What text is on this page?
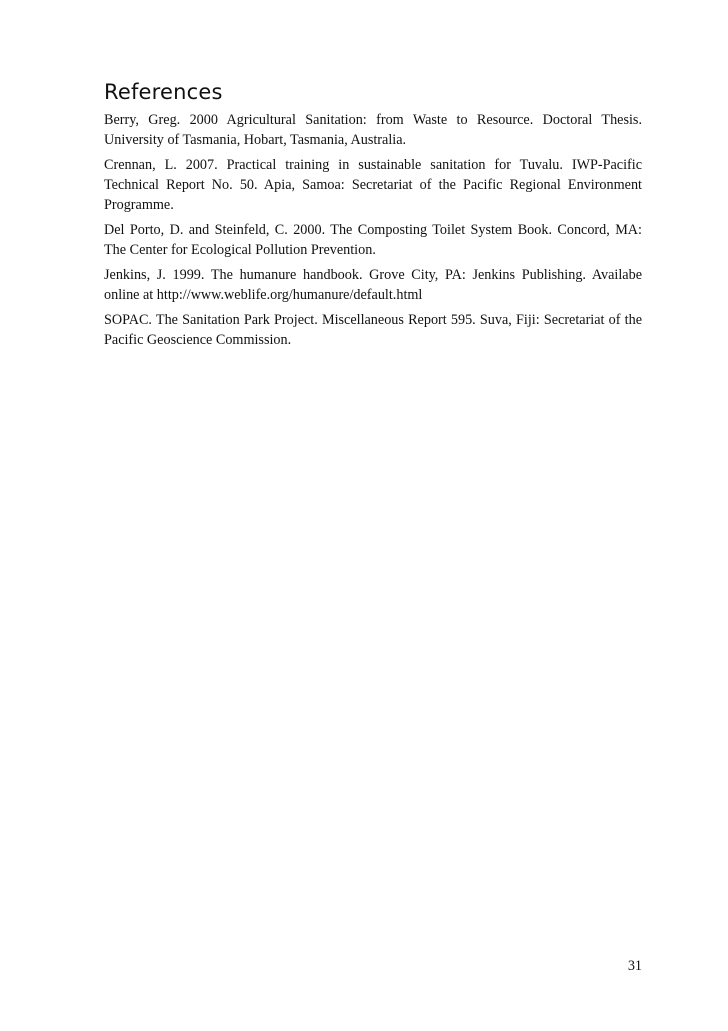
References
Berry, Greg. 2000 Agricultural Sanitation: from Waste to Resource. Doctoral Thesis. University of Tasmania, Hobart, Tasmania, Australia.
Crennan, L. 2007. Practical training in sustainable sanitation for Tuvalu. IWP-Pacific Technical Report No. 50. Apia, Samoa: Secretariat of the Pacific Regional Environment Programme.
Del Porto, D. and Steinfeld, C. 2000. The Composting Toilet System Book. Concord, MA: The Center for Ecological Pollution Prevention.
Jenkins, J. 1999. The humanure handbook. Grove City, PA: Jenkins Publishing. Availabe online at http://www.weblife.org/humanure/default.html
SOPAC. The Sanitation Park Project. Miscellaneous Report 595. Suva, Fiji: Secretariat of the Pacific Geoscience Commission.
31
